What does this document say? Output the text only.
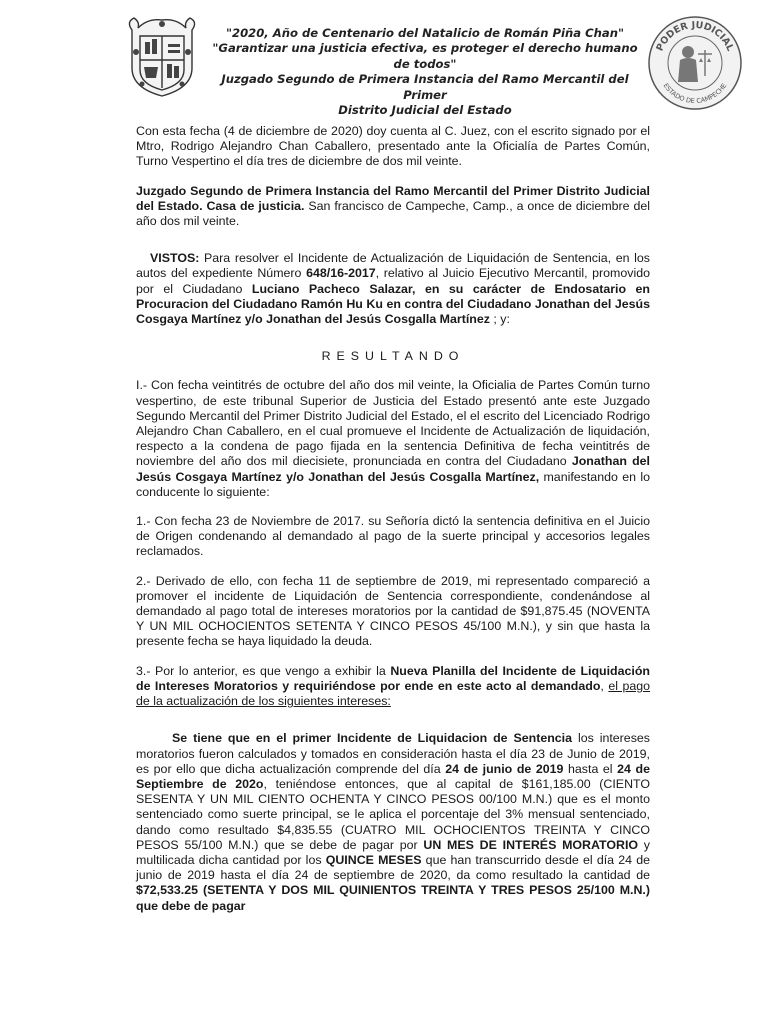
"2020, Año de Centenario del Natalicio de Román Piña Chan"
"Garantizar una justicia efectiva, es proteger el derecho humano de todos"
Juzgado Segundo de Primera Instancia del Ramo Mercantil del Primer
Distrito Judicial del Estado
PODER JUDICIAL
ESTADO DE CAMPECHE

Con esta fecha (4 de diciembre de 2020) doy cuenta al C. Juez, con el escrito signado por el Mtro, Rodrigo Alejandro Chan Caballero, presentado ante la Oficialía de Partes Común, Turno Vespertino el día tres de diciembre de dos mil veinte.

Juzgado Segundo de Primera Instancia del Ramo Mercantil del Primer Distrito Judicial del Estado. Casa de justicia. San francisco de Campeche, Camp., a once de diciembre del año dos mil veinte.

VISTOS: Para resolver el Incidente de Actualización de Liquidación de Sentencia, en los autos del expediente Número 648/16-2017, relativo al Juicio Ejecutivo Mercantil, promovido por el Ciudadano Luciano Pacheco Salazar, en su carácter de Endosatario en Procuracion del Ciudadano Ramón Hu Ku en contra del Ciudadano Jonathan del Jesús Cosgaya Martínez y/o Jonathan del Jesús Cosgalla Martínez ; y:

RESULTANDO

I.- Con fecha veintitrés de octubre del año dos mil veinte, la Oficialia de Partes Común turno vespertino, de este tribunal Superior de Justicia del Estado presentó ante este Juzgado Segundo Mercantil del Primer Distrito Judicial del Estado, el el escrito del Licenciado Rodrigo Alejandro Chan Caballero, en el cual promueve el Incidente de Actualización de liquidación, respecto a la condena de pago fijada en la sentencia Definitiva de fecha veintitrés de noviembre del año dos mil diecisiete, pronunciada en contra del Ciudadano Jonathan del Jesús Cosgaya Martínez y/o Jonathan del Jesús Cosgalla Martínez, manifestando en lo conducente lo siguiente:

1.- Con fecha 23 de Noviembre de 2017. su Señoría dictó la sentencia definitiva en el Juicio de Origen condenando al demandado al pago de la suerte principal y accesorios legales reclamados.

2.- Derivado de ello, con fecha 11 de septiembre de 2019, mi representado compareció a promover el incidente de Liquidación de Sentencia correspondiente, condenándose al demandado al pago total de intereses moratorios por la cantidad de $91,875.45 (NOVENTA Y UN MIL OCHOCIENTOS SETENTA Y CINCO PESOS 45/100 M.N.), y sin que hasta la presente fecha se haya liquidado la deuda.

3.- Por lo anterior, es que vengo a exhibir la Nueva Planilla del Incidente de Liquidación de Intereses Moratorios y requiriéndose por ende en este acto al demandado, el pago de la actualización de los siguientes intereses:

Se tiene que en el primer Incidente de Liquidacion de Sentencia los intereses moratorios fueron calculados y tomados en consideración hasta el día 23 de Junio de 2019, es por ello que dicha actualización comprende del día 24 de junio de 2019 hasta el 24 de Septiembre de 202o, teniéndose entonces, que al capital de $161,185.00 (CIENTO SESENTA Y UN MIL CIENTO OCHENTA Y CINCO PESOS 00/100 M.N.) que es el monto sentenciado como suerte principal, se le aplica el porcentaje del 3% mensual sentenciado, dando como resultado $4,835.55 (CUATRO MIL OCHOCIENTOS TREINTA Y CINCO PESOS 55/100 M.N.) que se debe de pagar por UN MES DE INTERÉS MORATORIO y multilicada dicha cantidad por los QUINCE MESES que han transcurrido desde el día 24 de junio de 2019 hasta el día 24 de septiembre de 2020, da como resultado la cantidad de $72,533.25 (SETENTA Y DOS MIL QUINIENTOS TREINTA Y TRES PESOS 25/100 M.N.) que debe de pagar
